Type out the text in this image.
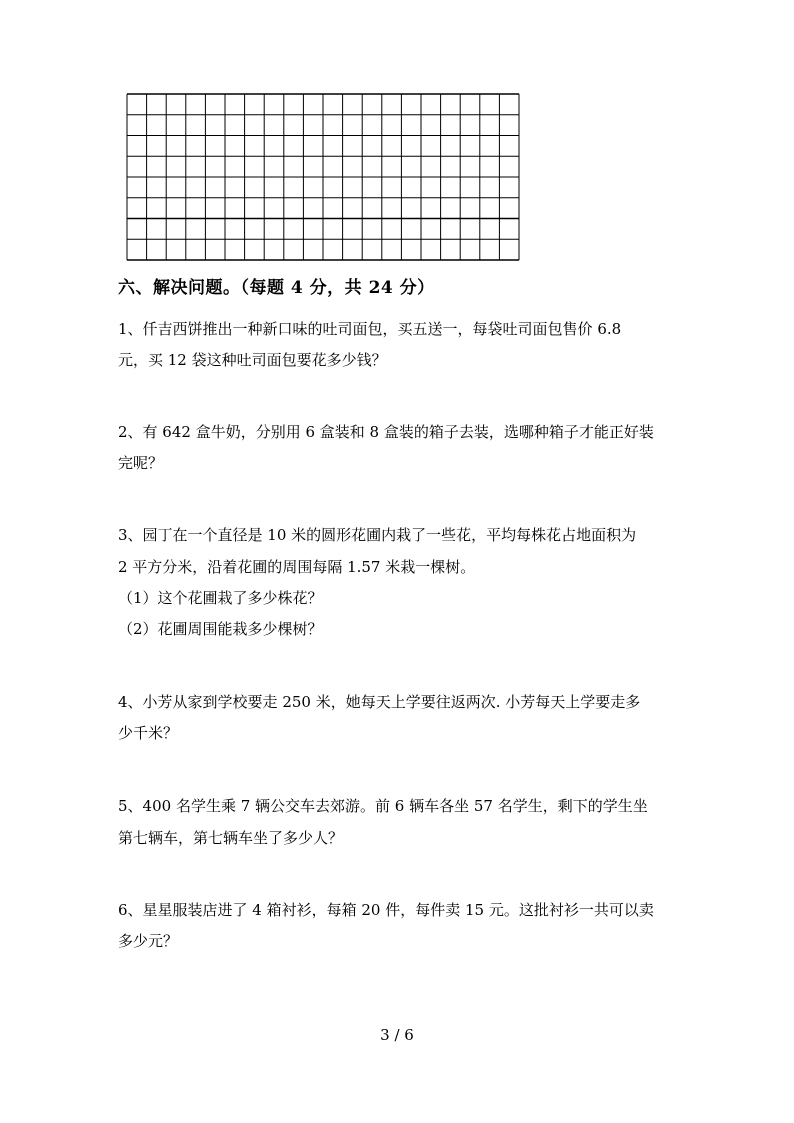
六、解决问题。（每题 4 分，共 24 分）

1、仟吉西饼推出一种新口味的吐司面包，买五送一，每袋吐司面包售价 6.8

元，买 12 袋这种吐司面包要花多少钱？

2、有 642 盒牛奶，分别用 6 盒装和 8 盒装的箱子去装，选哪种箱子才能正好装

完呢？

3、园丁在一个直径是 10 米的圆形花圃内栽了一些花，平均每株花占地面积为

2 平方分米，沿着花圃的周围每隔 1.57 米栽一棵树。

（1）这个花圃栽了多少株花？

（2）花圃周围能栽多少棵树？

4、小芳从家到学校要走 250 米，她每天上学要往返两次. 小芳每天上学要走多

少千米？

5、400 名学生乘 7 辆公交车去郊游。前 6 辆车各坐 57 名学生，剩下的学生坐

第七辆车，第七辆车坐了多少人？

6、星星服装店进了 4 箱衬衫，每箱 20 件，每件卖 15 元。这批衬衫一共可以卖

多少元？

3 / 6
